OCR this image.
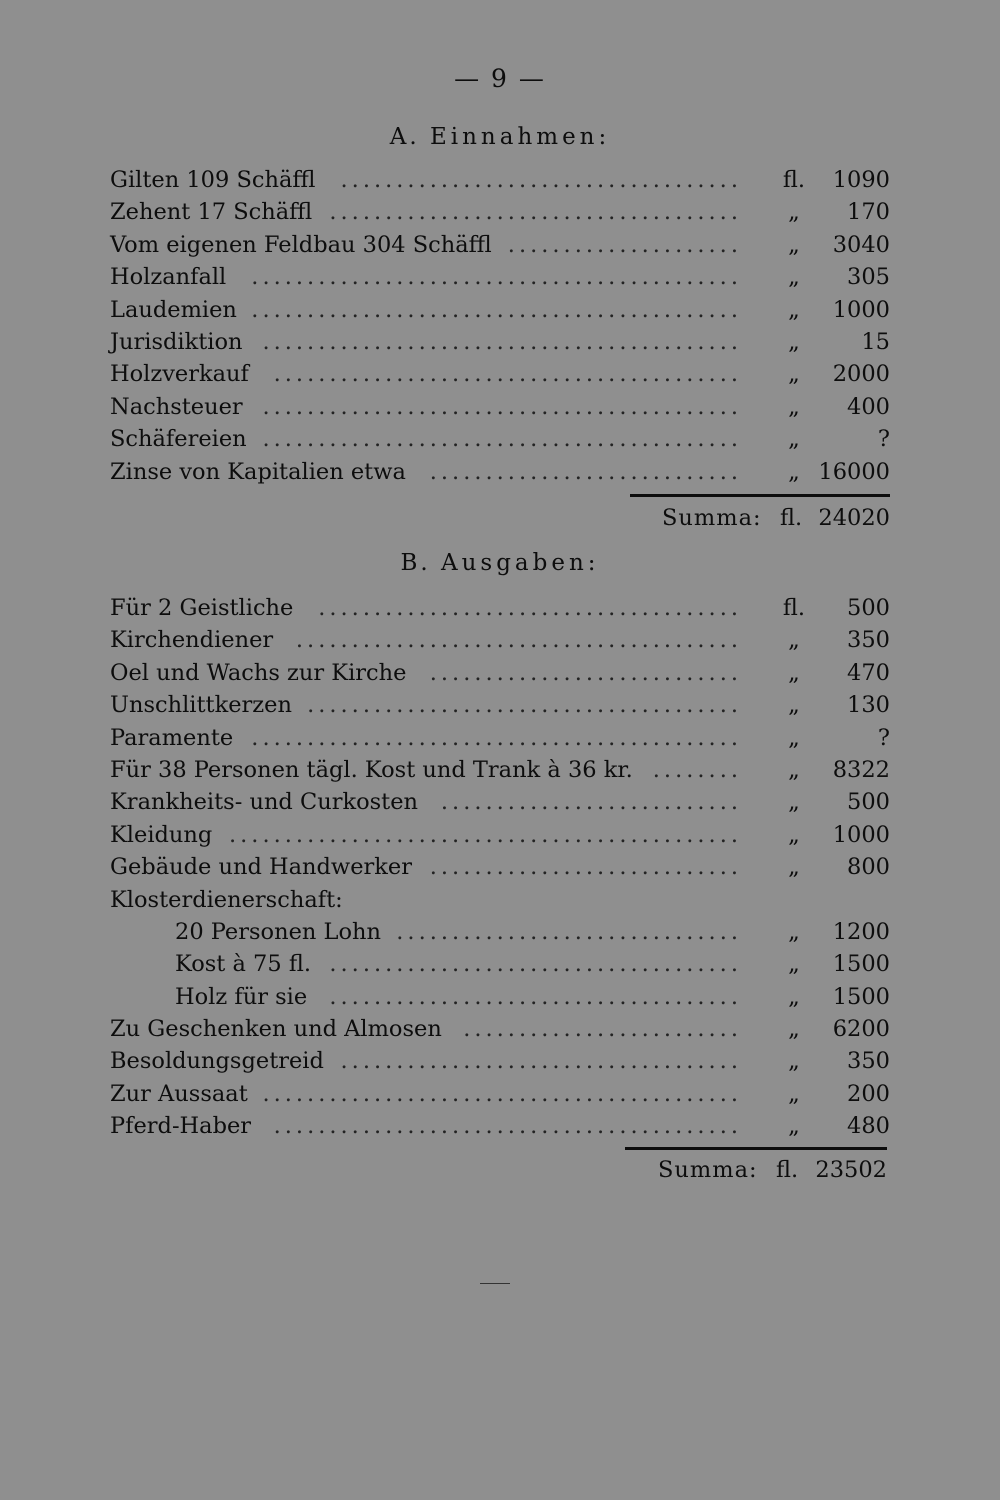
— 9 —
A. Einnahmen:
Gilten 109 Schäffl .................................... fl. 1090
Zehent 17 Schäffl ..................................... „ 170
Vom eigenen Feldbau 304 Schäffl ..................... „ 3040
Holzanfall ............................................ „ 305
Laudemien ............................................ „ 1000
Jurisdiktion ........................................... „	15
Holzverkauf .......................................... „ 2000
Nachsteuer ........................................... „ 400
Schäfereien ........................................... „	?
Zinse von Kapitalien etwa ............................ „ 16000
Summa: fl. 24020
B. Ausgaben:
Für 2 Geistliche ...................................... fl. 500
Kirchendiener ........................................ „ 350
Oel und Wachs zur Kirche ............................ „ 470
Unschlittkerzen ....................................... „ 130
Paramente ............................................ „	?
Für 38 Personen tägl. Kost und Trank à 36 kr. ........ „ 8322
Krankheits- und Curkosten ........................... „ 500
Kleidung .............................................. „ 1000
Gebäude und Handwerker ............................ „ 800
Klosterdienerschaft:
20 Personen Lohn ............................... „ 1200
Kost à 75 fl. ..................................... „ 1500
Holz für sie ..................................... „ 1500
Zu Geschenken und Almosen ......................... „ 6200
Besoldungsgetreid .................................... „ 350
Zur Aussaat ........................................... „ 200
Pferd-Haber .......................................... „ 480
Summa: fl. 23502
